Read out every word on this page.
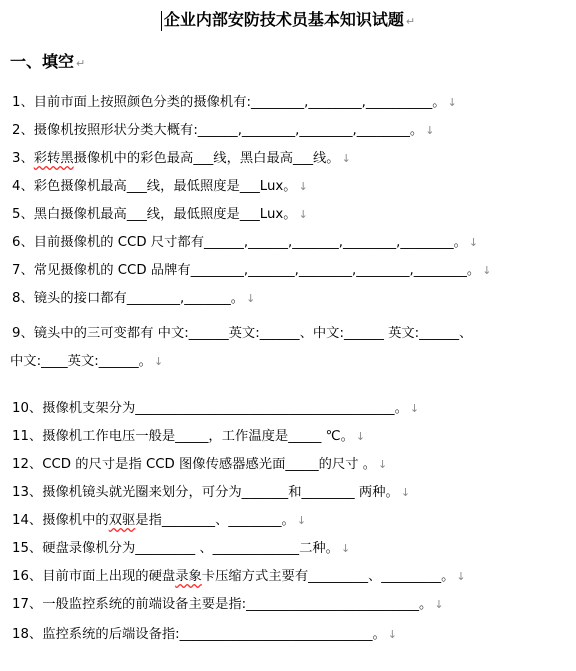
企业内部安防技术员基本知识试题 ↵
一、填空 ↵
1、目前市面上按照颜色分类的摄像机有:________,________,__________。 ↓
2、摄像机按照形状分类大概有:______,________,________,________。 ↓
3、彩转黑摄像机中的彩色最高___线，黑白最高___线。 ↓
4、彩色摄像机最高___线，最低照度是___Lux。 ↓
5、黑白摄像机最高___线，最低照度是___Lux。 ↓
6、目前摄像机的 CCD 尺寸都有______,______,_______,________,________。 ↓
7、常见摄像机的 CCD 品牌有________,_______,________,________,________。 ↓
8、镜头的接口都有________,_______。 ↓
9、镜头中的三可变都有 中文:______英文:______、中文:______ 英文:______、
中文:____英文:______。 ↓
10、摄像机支架分为_______________________________________。 ↓
11、摄像机工作电压一般是_____，工作温度是_____ ℃。 ↓
12、CCD 的尺寸是指 CCD 图像传感器感光面_____的尺寸 。 ↓
13、摄像机镜头就光圈来划分，可分为_______和________ 两种。 ↓
14、摄像机中的双驱是指________、________。 ↓
15、硬盘录像机分为_________ 、_____________二种。 ↓
16、目前市面上出现的硬盘录象卡压缩方式主要有_________、_________。 ↓
17、一般监控系统的前端设备主要是指:__________________________。 ↓
18、监控系统的后端设备指:_____________________________。 ↓
